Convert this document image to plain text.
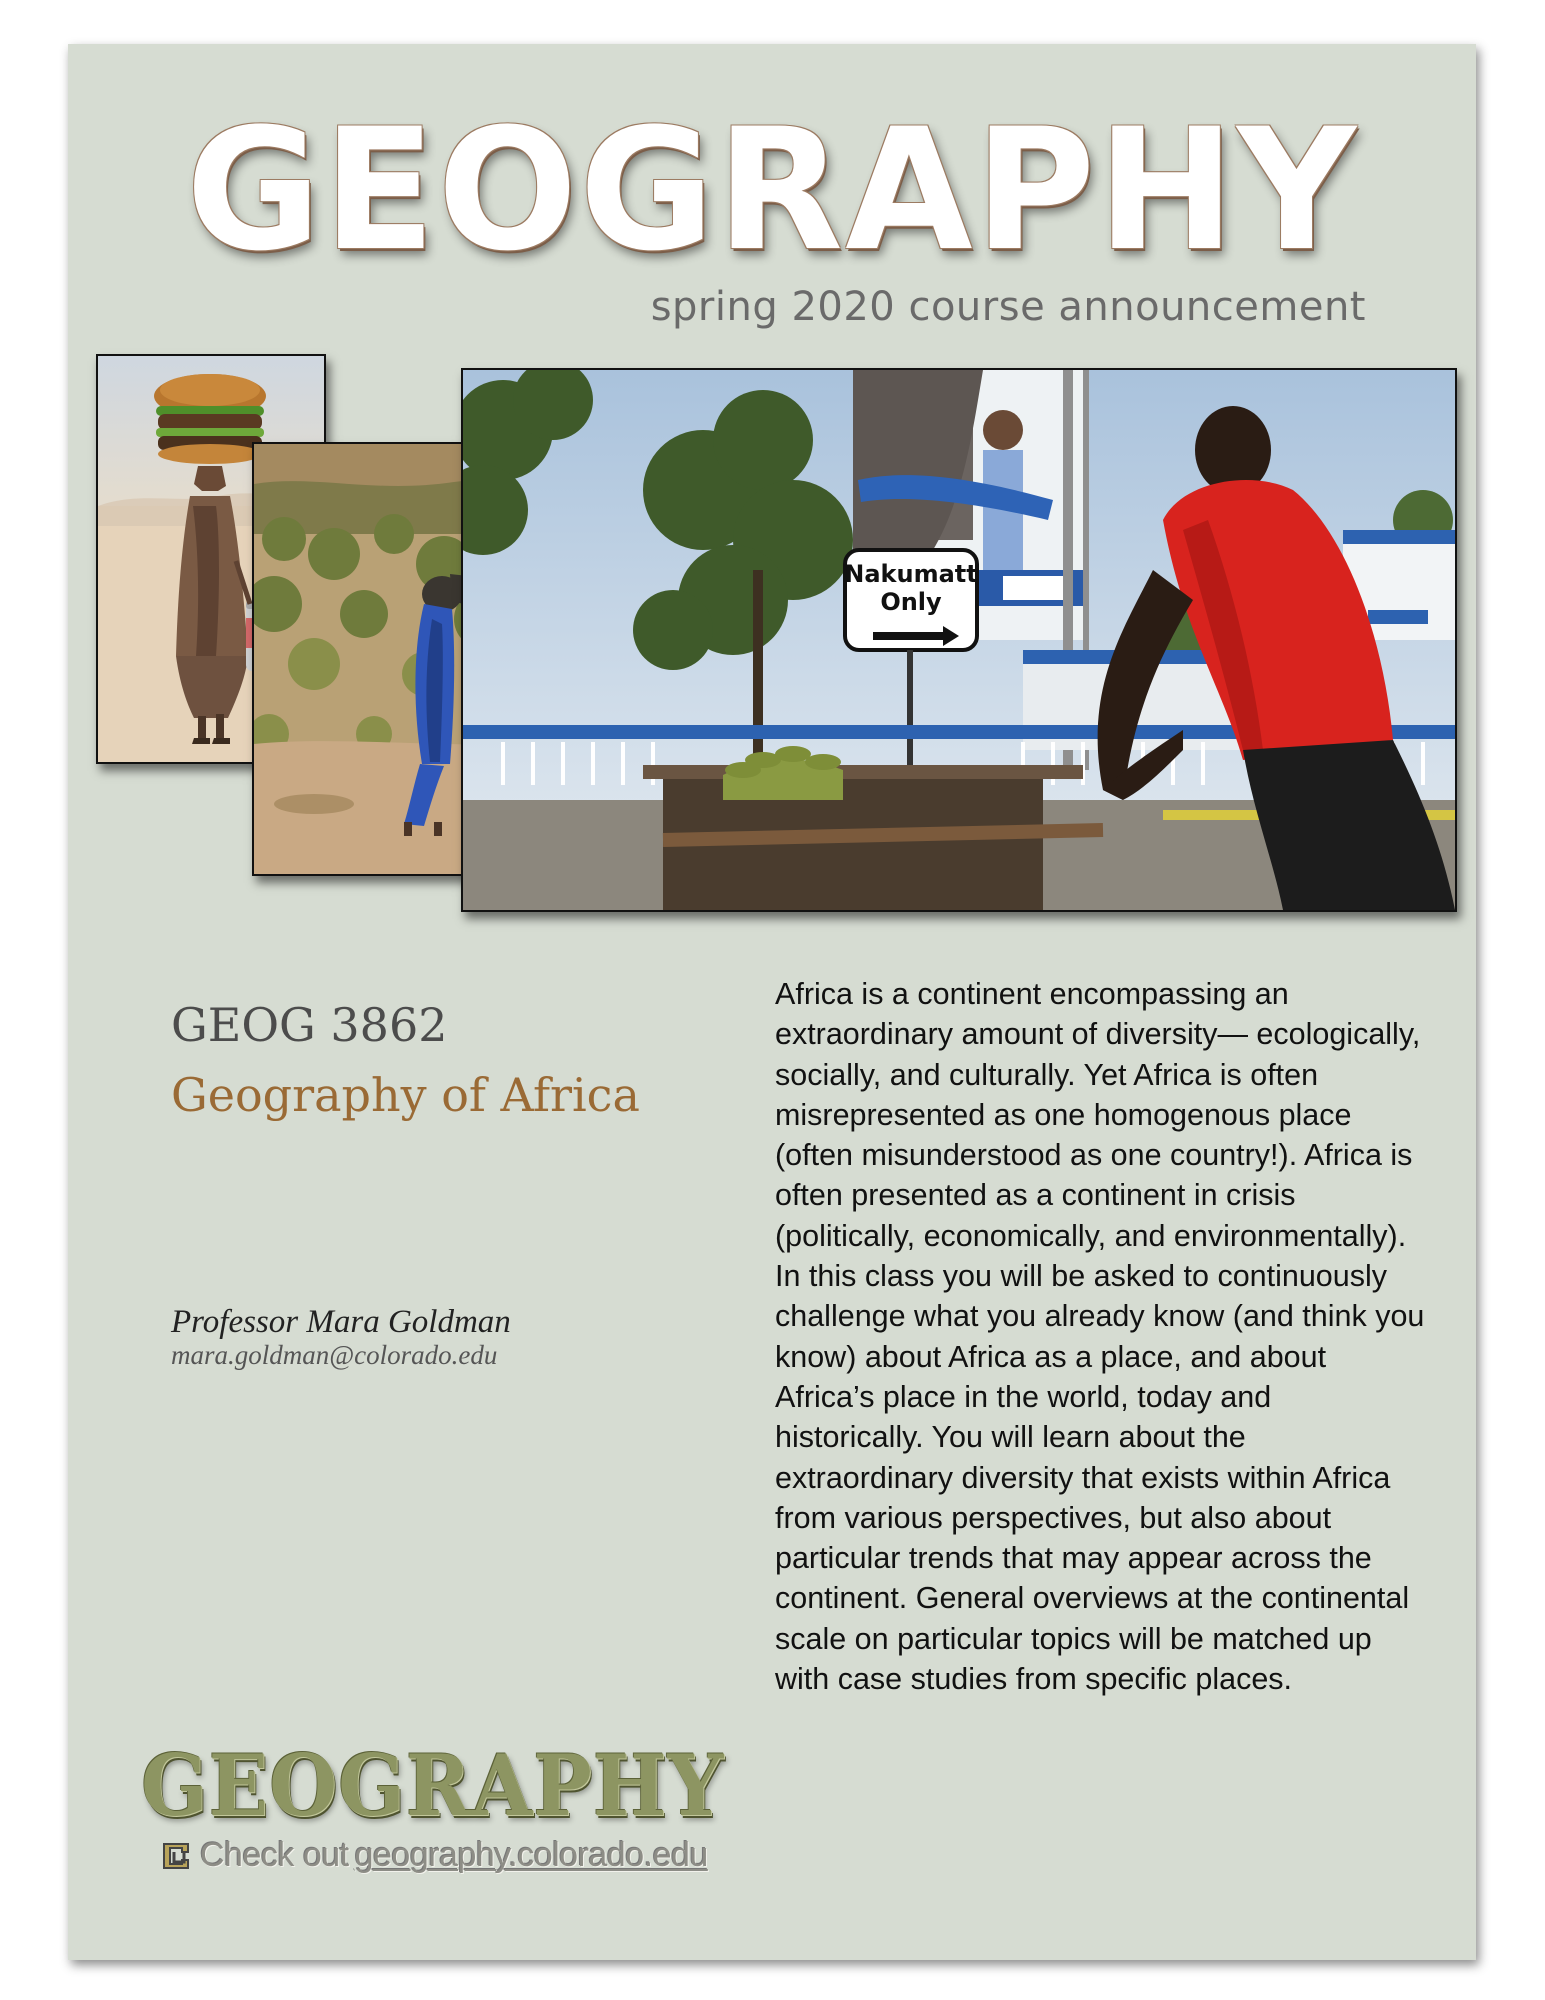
GEOGRAPHY
spring 2020 course announcement
Nakumatt
Only
GEOG 3862
Geography of Africa
Professor Mara Goldman
mara.goldman@colorado.edu

Africa is a continent encompassing an extraordinary amount of diversity— ecologically, socially, and culturally. Yet Africa is often misrepresented as one homogenous place (often misunderstood as one country!). Africa is often presented as a continent in crisis (politically, economically, and environmentally). In this class you will be asked to continuously challenge what you already know (and think you know) about Africa as a place, and about Africa’s place in the world, today and historically. You will learn about the extraordinary diversity that exists within Africa from various perspectives, but also about particular trends that may appear across the continent. General overviews at the continental scale on particular topics will be matched up with case studies from specific places.

GEOGRAPHY
Check out geography.colorado.edu
